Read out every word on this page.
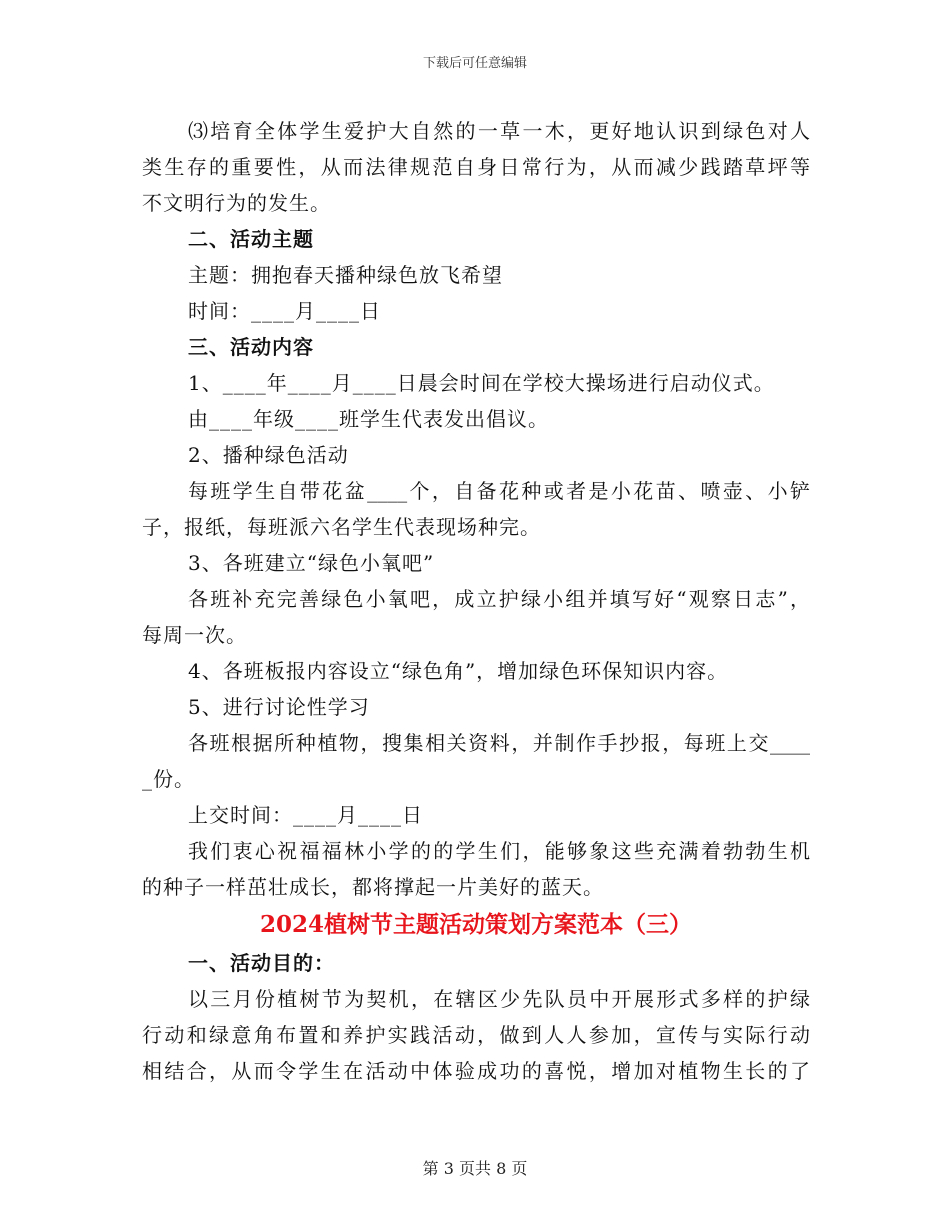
下载后可任意编辑
⑶培育全体学生爱护大自然的一草一木，更好地认识到绿色对人
类生存的重要性，从而法律规范自身日常行为，从而减少践踏草坪等
不文明行为的发生。
二、活动主题
主题：拥抱春天播种绿色放飞希望
时间：____月____日
三、活动内容
1、____年____月____日晨会时间在学校大操场进行启动仪式。
由____年级____班学生代表发出倡议。
2、播种绿色活动
每班学生自带花盆____个，自备花种或者是小花苗、喷壶、小铲
子，报纸，每班派六名学生代表现场种完。
3、各班建立“绿色小氧吧”
各班补充完善绿色小氧吧，成立护绿小组并填写好“观察日志”，
每周一次。
4、各班板报内容设立“绿色角”，增加绿色环保知识内容。
5、进行讨论性学习
各班根据所种植物，搜集相关资料，并制作手抄报，每班上交____
_份。
上交时间：____月____日
我们衷心祝福福林小学的的学生们，能够象这些充满着勃勃生机
的种子一样茁壮成长，都将撑起一片美好的蓝天。
2024植树节主题活动策划方案范本（三）
一、活动目的：
以三月份植树节为契机，在辖区少先队员中开展形式多样的护绿
行动和绿意角布置和养护实践活动，做到人人参加，宣传与实际行动
相结合，从而令学生在活动中体验成功的喜悦，增加对植物生长的了
第 3 页共 8 页
